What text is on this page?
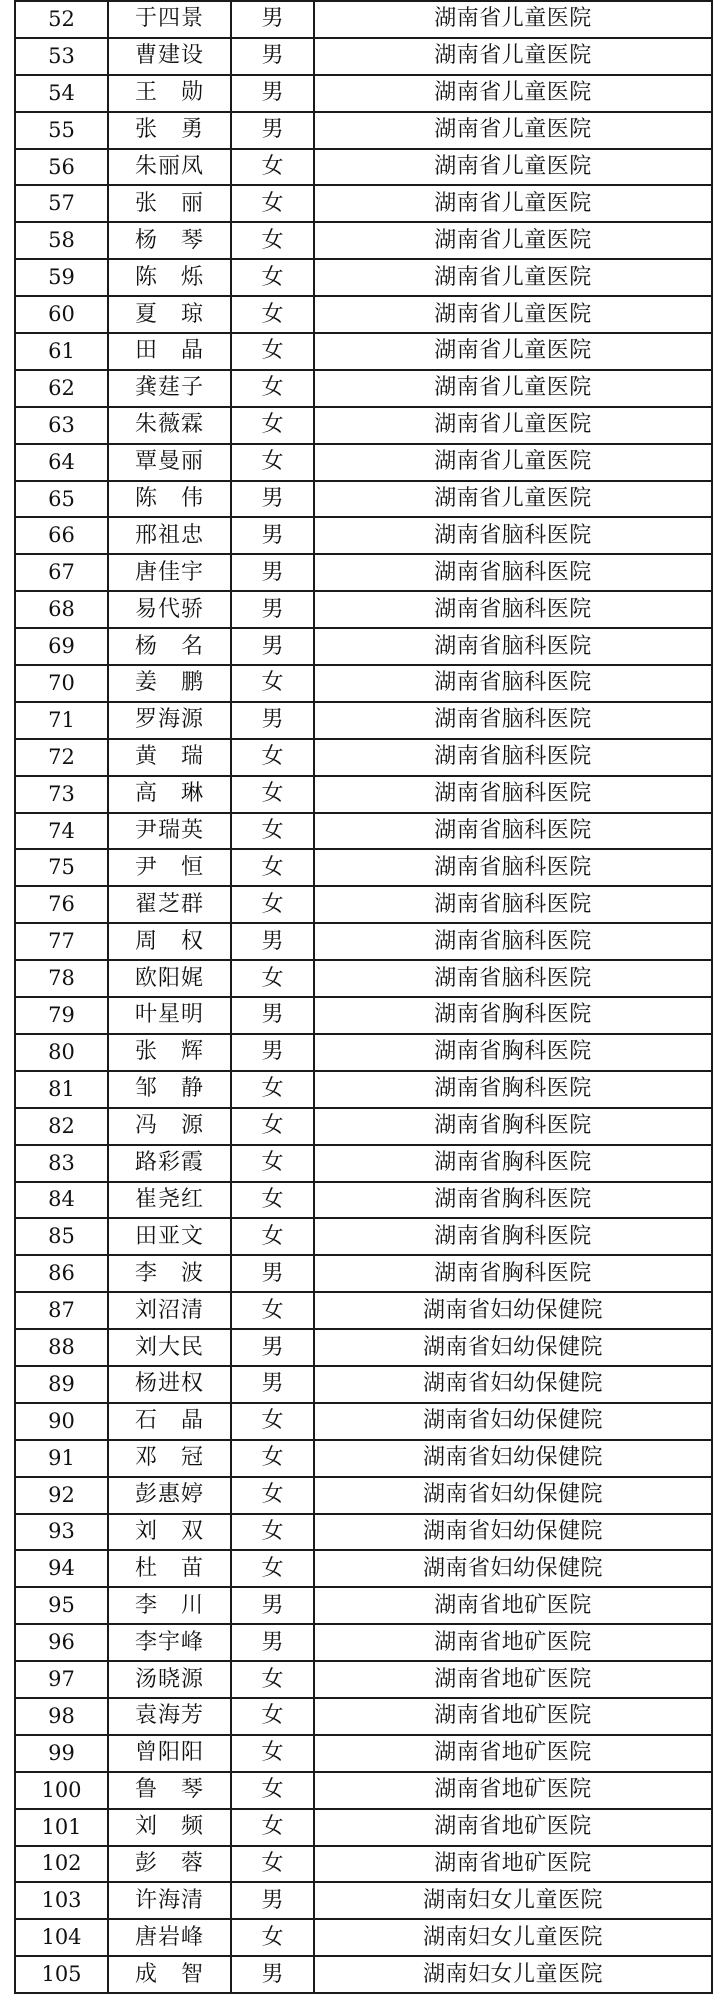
52	于四景	男	湖南省儿童医院
53	曹建设	男	湖南省儿童医院
54	王　勋	男	湖南省儿童医院
55	张　勇	男	湖南省儿童医院
56	朱丽凤	女	湖南省儿童医院
57	张　丽	女	湖南省儿童医院
58	杨　琴	女	湖南省儿童医院
59	陈　烁	女	湖南省儿童医院
60	夏　琼	女	湖南省儿童医院
61	田　晶	女	湖南省儿童医院
62	龚莛子	女	湖南省儿童医院
63	朱薇霖	女	湖南省儿童医院
64	覃曼丽	女	湖南省儿童医院
65	陈　伟	男	湖南省儿童医院
66	邢祖忠	男	湖南省脑科医院
67	唐佳宇	男	湖南省脑科医院
68	易代骄	男	湖南省脑科医院
69	杨　名	男	湖南省脑科医院
70	姜　鹏	女	湖南省脑科医院
71	罗海源	男	湖南省脑科医院
72	黄　瑞	女	湖南省脑科医院
73	高　琳	女	湖南省脑科医院
74	尹瑞英	女	湖南省脑科医院
75	尹　恒	女	湖南省脑科医院
76	翟芝群	女	湖南省脑科医院
77	周　权	男	湖南省脑科医院
78	欧阳娓	女	湖南省脑科医院
79	叶星明	男	湖南省胸科医院
80	张　辉	男	湖南省胸科医院
81	邹　静	女	湖南省胸科医院
82	冯　源	女	湖南省胸科医院
83	路彩霞	女	湖南省胸科医院
84	崔尧红	女	湖南省胸科医院
85	田亚文	女	湖南省胸科医院
86	李　波	男	湖南省胸科医院
87	刘沼清	女	湖南省妇幼保健院
88	刘大民	男	湖南省妇幼保健院
89	杨进权	男	湖南省妇幼保健院
90	石　晶	女	湖南省妇幼保健院
91	邓　冠	女	湖南省妇幼保健院
92	彭惠婷	女	湖南省妇幼保健院
93	刘　双	女	湖南省妇幼保健院
94	杜　苗	女	湖南省妇幼保健院
95	李　川	男	湖南省地矿医院
96	李宇峰	男	湖南省地矿医院
97	汤晓源	女	湖南省地矿医院
98	袁海芳	女	湖南省地矿医院
99	曾阳阳	女	湖南省地矿医院
100	鲁　琴	女	湖南省地矿医院
101	刘　频	女	湖南省地矿医院
102	彭　蓉	女	湖南省地矿医院
103	许海清	男	湖南妇女儿童医院
104	唐岩峰	女	湖南妇女儿童医院
105	成　智	男	湖南妇女儿童医院
